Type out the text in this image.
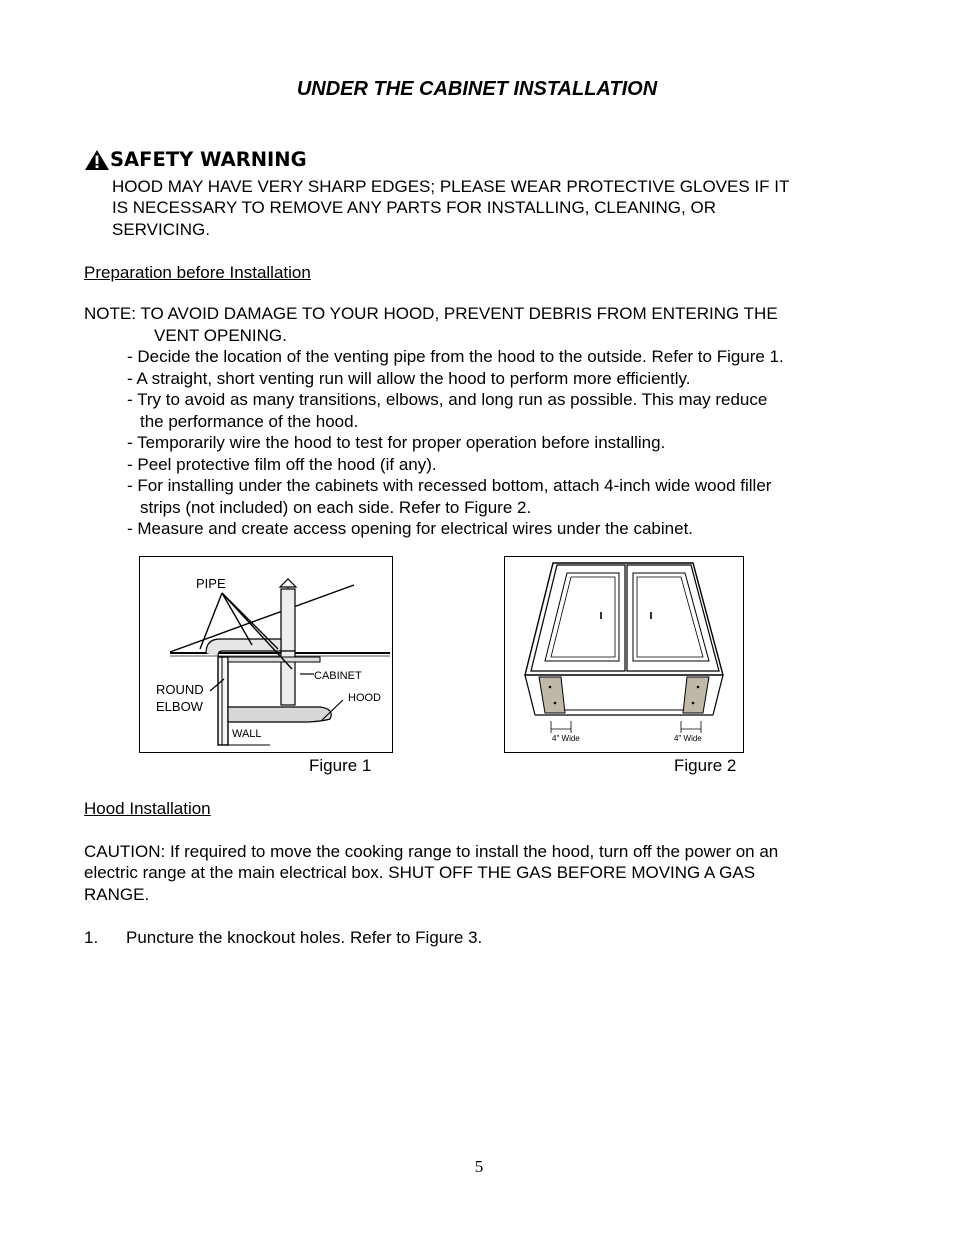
UNDER THE CABINET INSTALLATION
SAFETY WARNING
HOOD MAY HAVE VERY SHARP EDGES; PLEASE WEAR PROTECTIVE GLOVES IF IT
IS NECESSARY TO REMOVE ANY PARTS FOR INSTALLING, CLEANING, OR
SERVICING.
Preparation before Installation
NOTE: TO AVOID DAMAGE TO YOUR HOOD, PREVENT DEBRIS FROM ENTERING THE
VENT OPENING.
- Decide the location of the venting pipe from the hood to the outside. Refer to Figure 1.
- A straight, short venting run will allow the hood to perform more efficiently.
- Try to avoid as many transitions, elbows, and long run as possible. This may reduce
the performance of the hood.
- Temporarily wire the hood to test for proper operation before installing.
- Peel protective film off the hood (if any).
- For installing under the cabinets with recessed bottom, attach 4-inch wide wood filler
strips (not included) on each side. Refer to Figure 2.
- Measure and create access opening for electrical wires under the cabinet.
PIPE
ROUND
ELBOW
CABINET
HOOD
WALL
Figure 1
4" Wide	4" Wide
Figure 2
Hood Installation
CAUTION: If required to move the cooking range to install the hood, turn off the power on an
electric range at the main electrical box. SHUT OFF THE GAS BEFORE MOVING A GAS
RANGE.
1. Puncture the knockout holes. Refer to Figure 3.
5
